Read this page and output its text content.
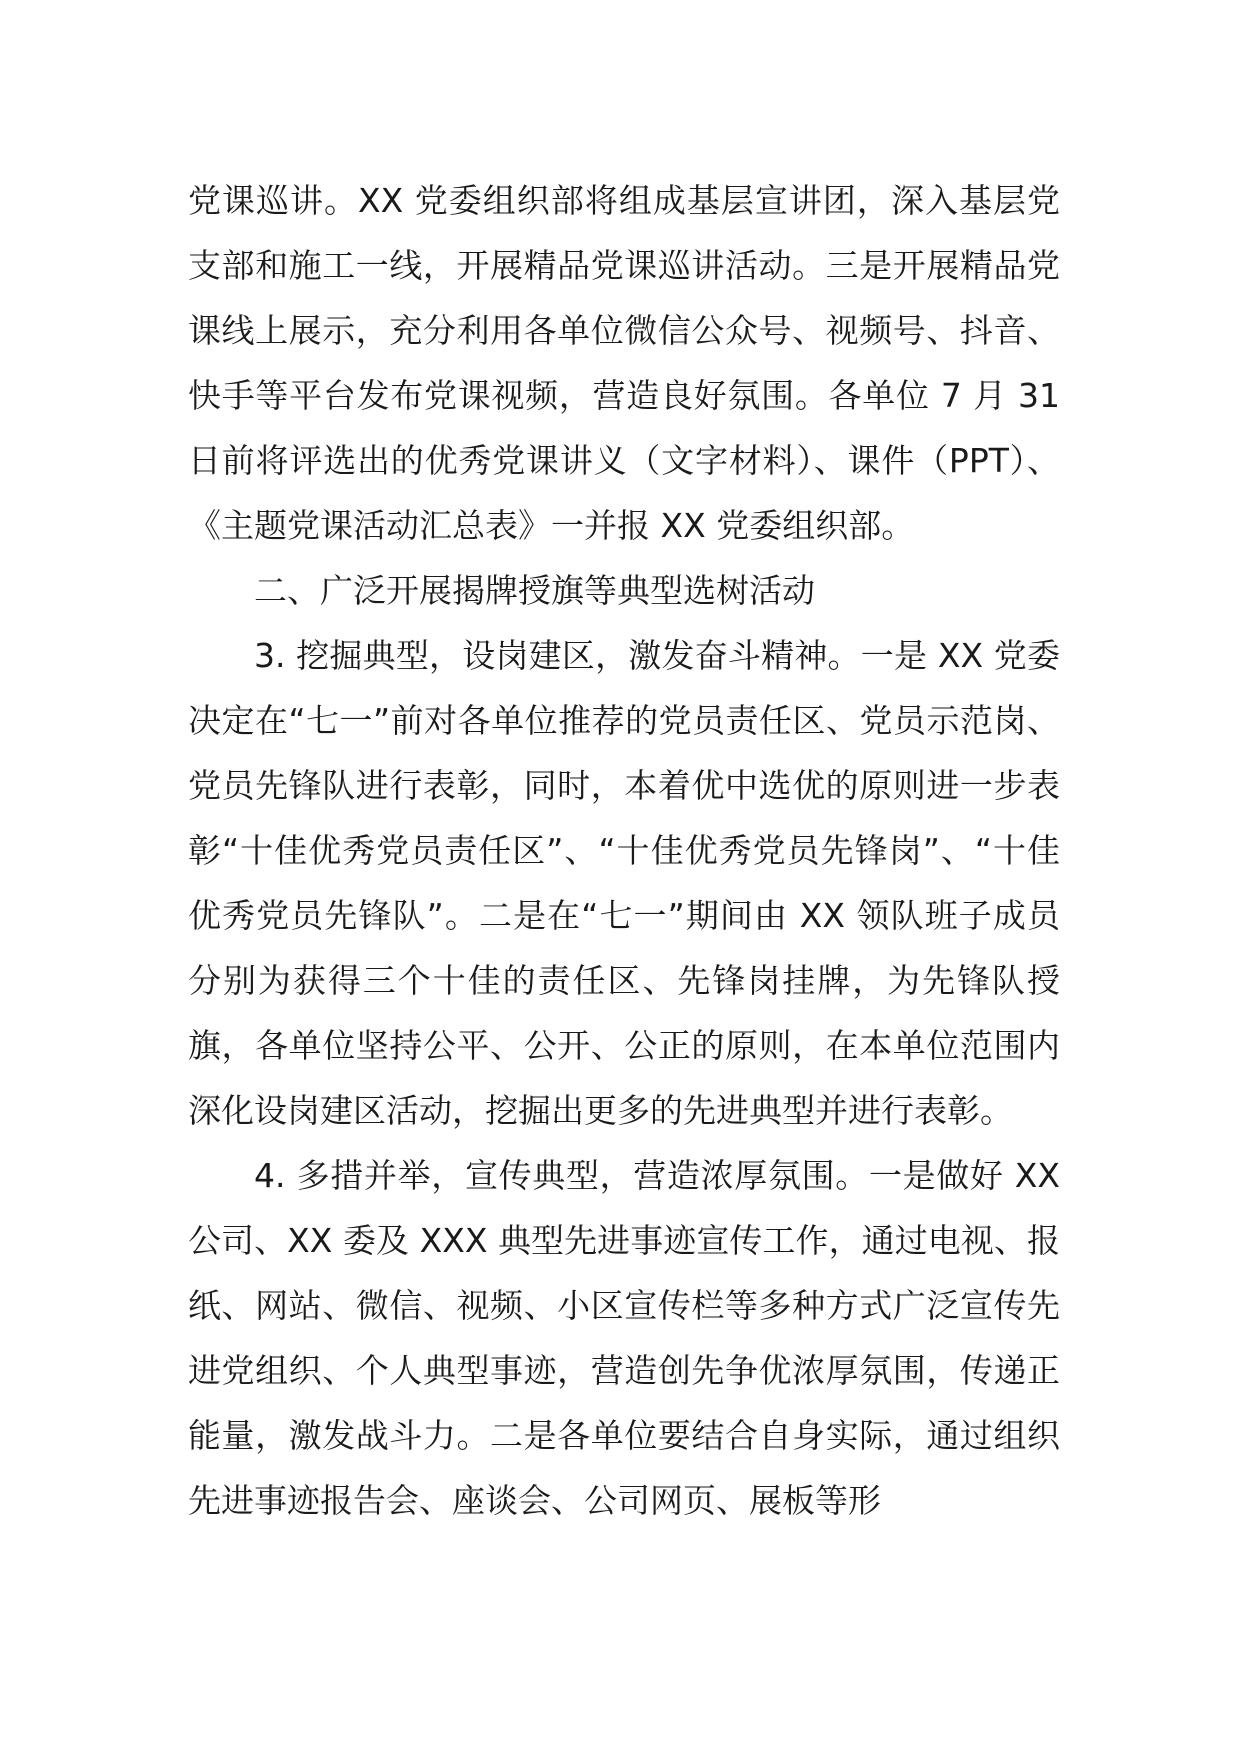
党课巡讲。XX 党委组织部将组成基层宣讲团，深入基层党支部和施工一线，开展精品党课巡讲活动。三是开展精品党课线上展示，充分利用各单位微信公众号、视频号、抖音、快手等平台发布党课视频，营造良好氛围。各单位 7 月 31 日前将评选出的优秀党课讲义（文字材料）、课件（PPT）、《主题党课活动汇总表》一并报 XX 党委组织部。

二、广泛开展揭牌授旗等典型选树活动

3. 挖掘典型，设岗建区，激发奋斗精神。一是 XX 党委决定在“七一”前对各单位推荐的党员责任区、党员示范岗、党员先锋队进行表彰，同时，本着优中选优的原则进一步表彰“十佳优秀党员责任区”、“十佳优秀党员先锋岗”、“十佳优秀党员先锋队”。二是在“七一”期间由 XX 领队班子成员分别为获得三个十佳的责任区、先锋岗挂牌，为先锋队授旗，各单位坚持公平、公开、公正的原则，在本单位范围内深化设岗建区活动，挖掘出更多的先进典型并进行表彰。

4. 多措并举，宣传典型，营造浓厚氛围。一是做好 XX 公司、XX 委及 XXX 典型先进事迹宣传工作，通过电视、报纸、网站、微信、视频、小区宣传栏等多种方式广泛宣传先进党组织、个人典型事迹，营造创先争优浓厚氛围，传递正能量，激发战斗力。二是各单位要结合自身实际，通过组织先进事迹报告会、座谈会、公司网页、展板等形
